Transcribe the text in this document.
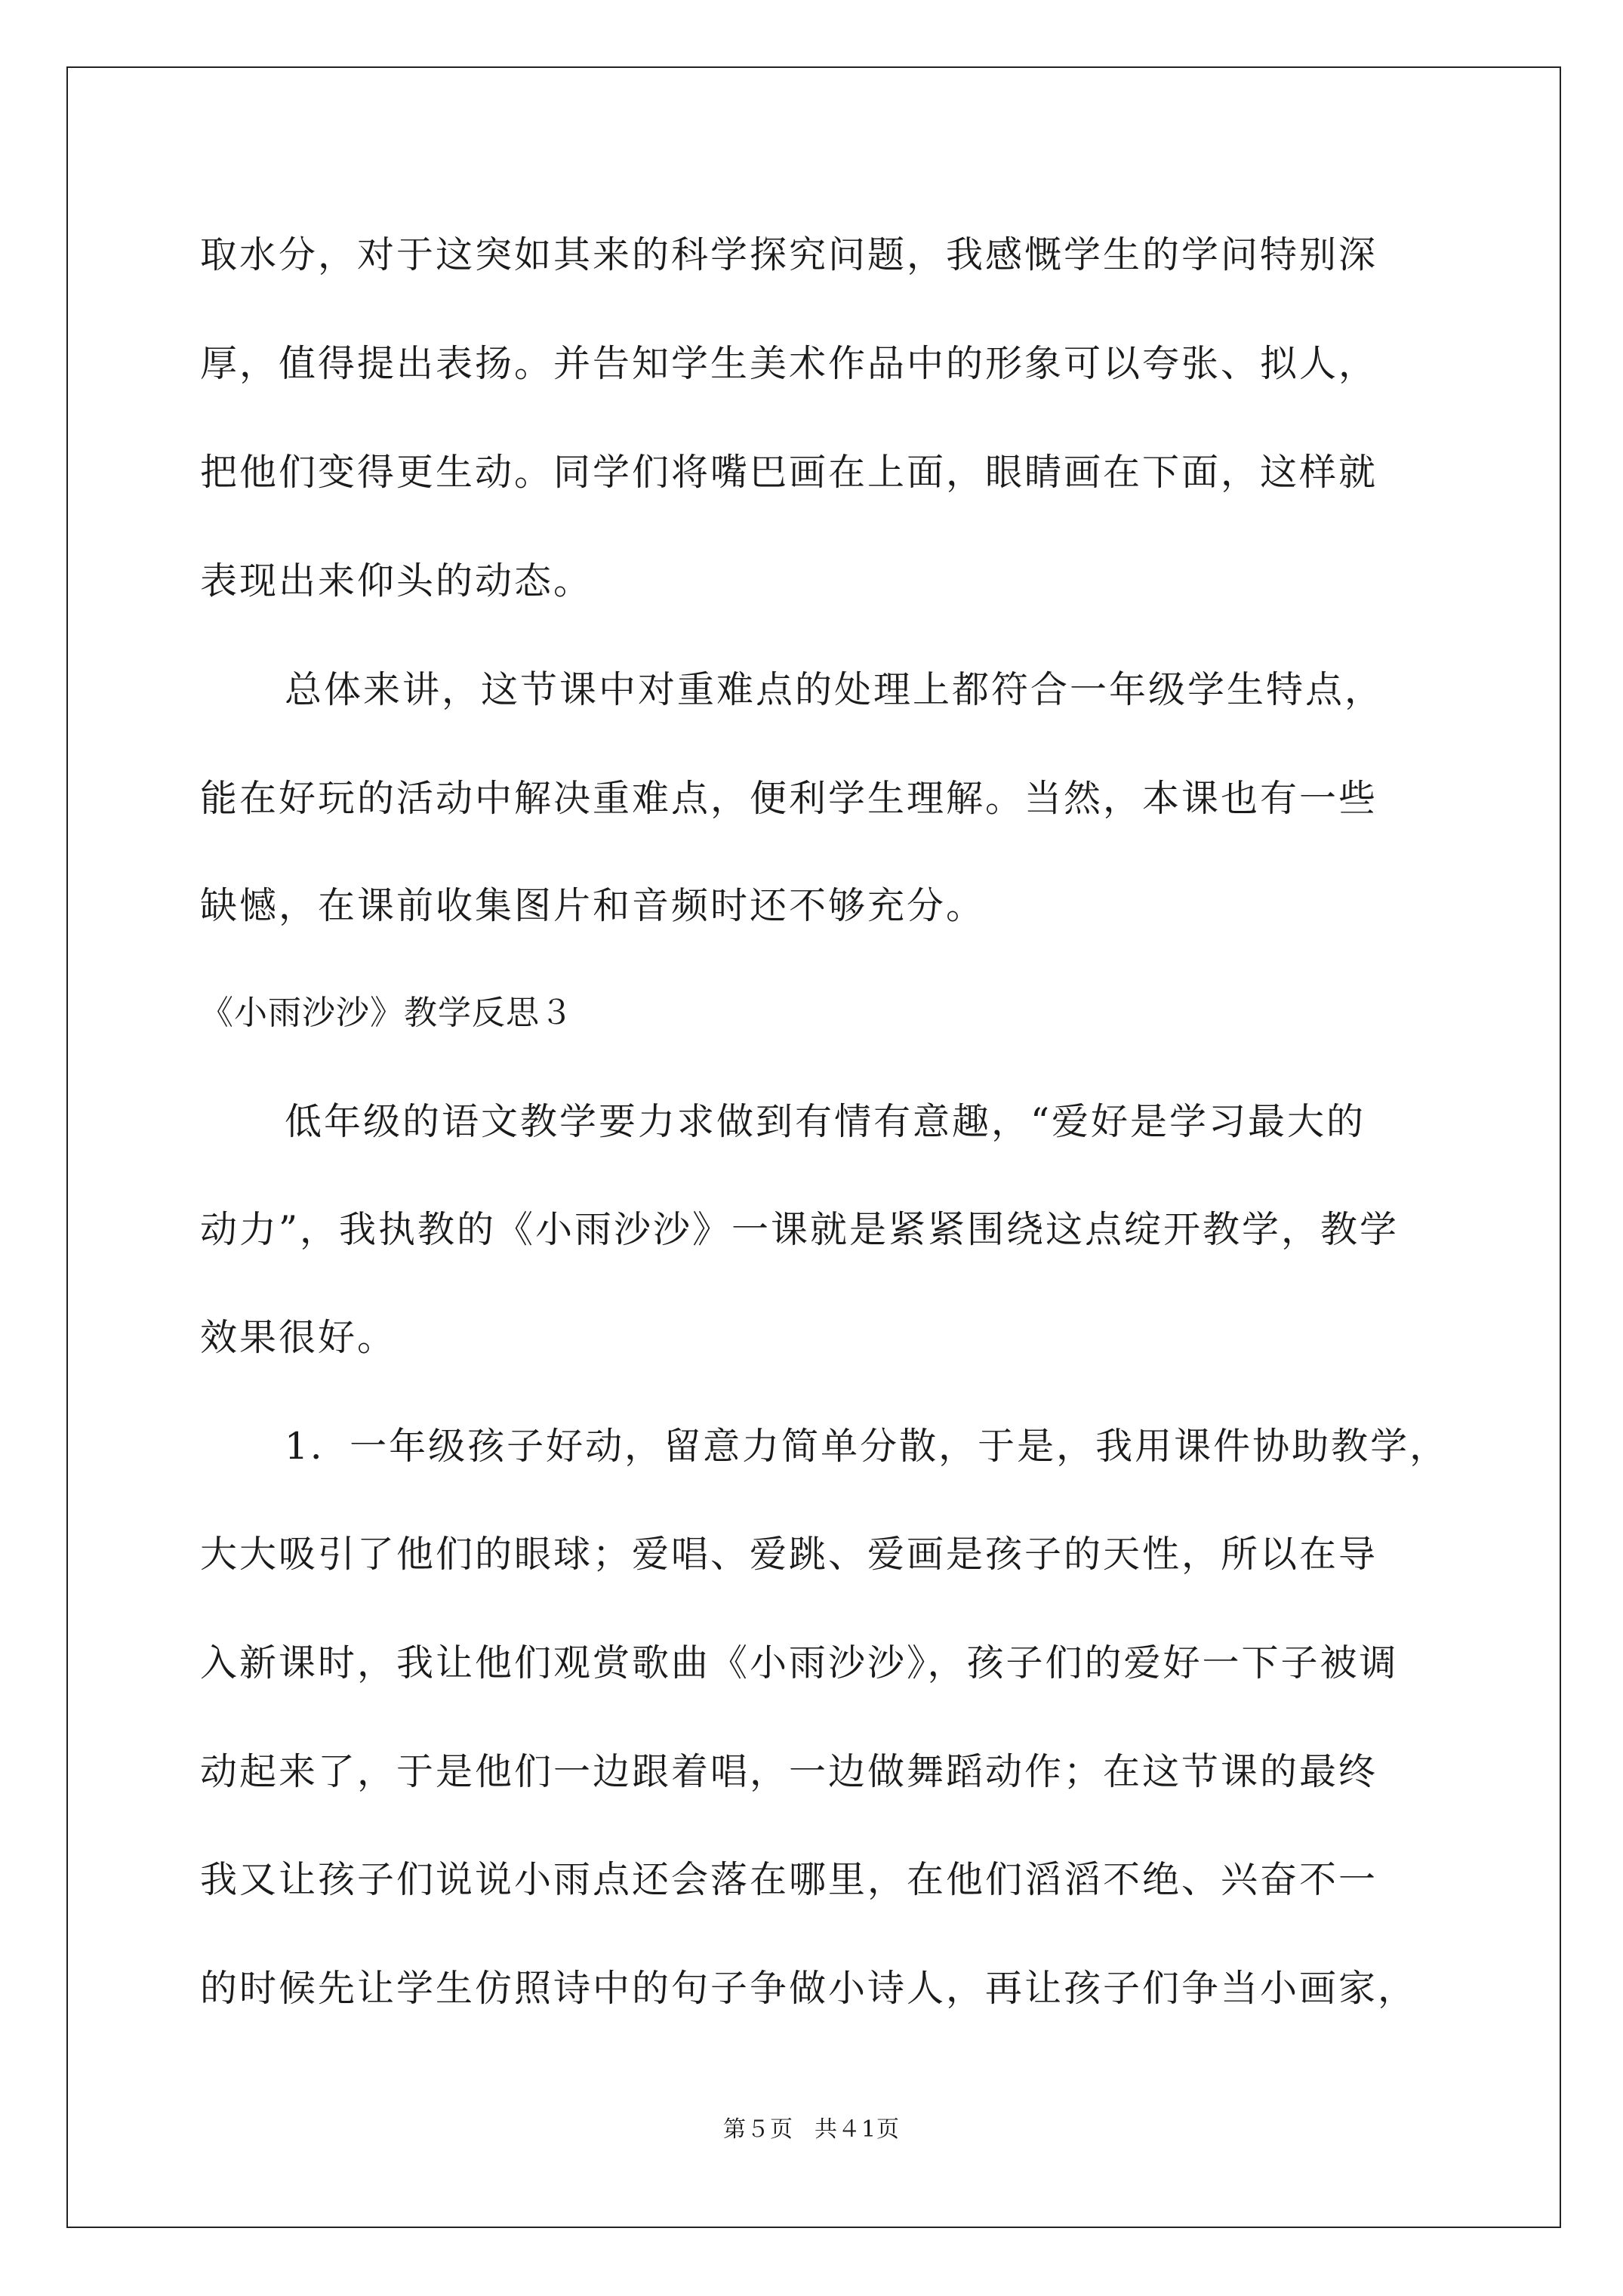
取水分，对于这突如其来的科学探究问题，我感慨学生的学问特别深
厚，值得提出表扬。并告知学生美术作品中的形象可以夸张、拟人，
把他们变得更生动。同学们将嘴巴画在上面，眼睛画在下面，这样就
表现出来仰头的动态。
总体来讲，这节课中对重难点的处理上都符合一年级学生特点，
能在好玩的活动中解决重难点，便利学生理解。当然，本课也有一些
缺憾，在课前收集图片和音频时还不够充分。
《小雨沙沙》教学反思３
低年级的语文教学要力求做到有情有意趣，“爱好是学习最大的
动力”，我执教的《小雨沙沙》一课就是紧紧围绕这点绽开教学，教学
效果很好。
1．一年级孩子好动，留意力简单分散，于是，我用课件协助教学，
大大吸引了他们的眼球；爱唱、爱跳、爱画是孩子的天性，所以在导
入新课时，我让他们观赏歌曲《小雨沙沙》，孩子们的爱好一下子被调
动起来了，于是他们一边跟着唱，一边做舞蹈动作；在这节课的最终
我又让孩子们说说小雨点还会落在哪里，在他们滔滔不绝、兴奋不一
的时候先让学生仿照诗中的句子争做小诗人，再让孩子们争当小画家，
第５页 共４1页
